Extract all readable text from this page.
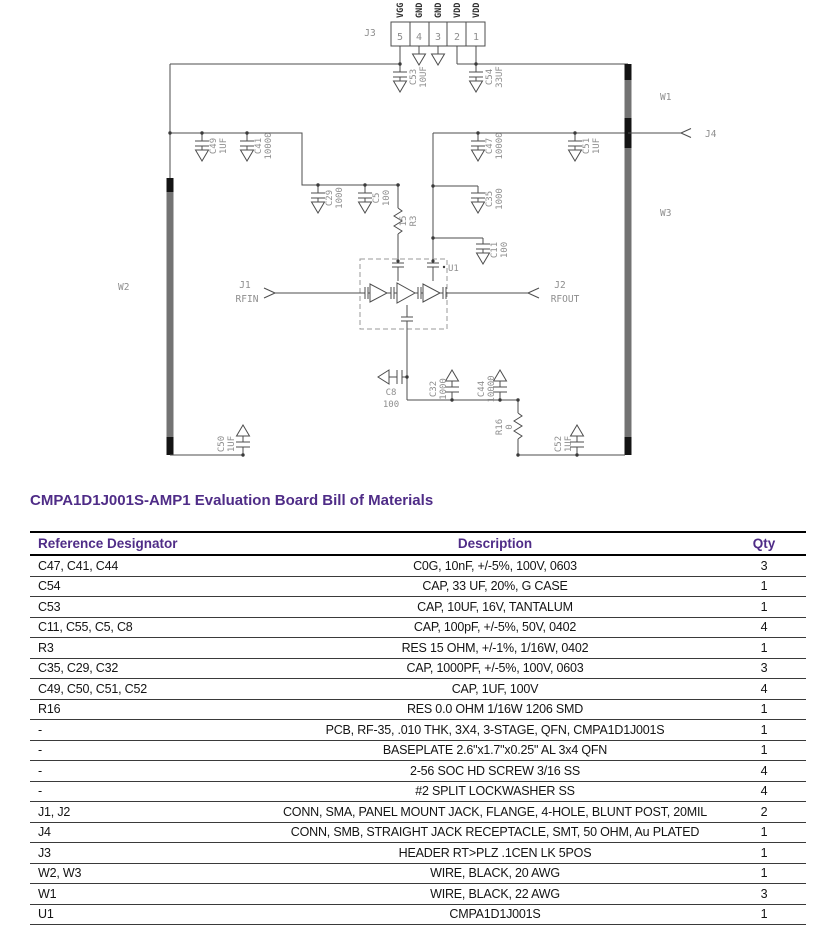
J3 5 4 3 2 1
VGG GND GND VDD VDD
C53 10UF	C54 33UF
C49 1UF	C41 10000
C29 1000	C5 100
15 R3
C47 10000	C51 1UF
C35 1000
C11 100
W1
W3
W2
J4
U1
J1
RFIN
J2
RFOUT
C8
100
C32 1000	C44 10000
R16 0
C52 1UF
C50 1UF
CMPA1D1J001S-AMP1 Evaluation Board Bill of Materials
Reference Designator	Description	Qty
C47, C41, C44	C0G, 10nF, +/-5%, 100V, 0603	3
C54	CAP, 33 UF, 20%, G CASE	1
C53	CAP, 10UF, 16V, TANTALUM	1
C11, C55, C5, C8	CAP, 100pF, +/-5%, 50V, 0402	4
R3	RES 15 OHM, +/-1%, 1/16W, 0402	1
C35, C29, C32	CAP, 1000PF, +/-5%, 100V, 0603	3
C49, C50, C51, C52	CAP, 1UF, 100V	4
R16	RES 0.0 OHM 1/16W 1206 SMD	1
-	PCB, RF-35, .010 THK, 3X4, 3-STAGE, QFN, CMPA1D1J001S	1
-	BASEPLATE 2.6"x1.7"x0.25" AL 3x4 QFN	1
-	2-56 SOC HD SCREW 3/16 SS	4
-	#2 SPLIT LOCKWASHER SS	4
J1, J2	CONN, SMA, PANEL MOUNT JACK, FLANGE, 4-HOLE, BLUNT POST, 20MIL	2
J4	CONN, SMB, STRAIGHT JACK RECEPTACLE, SMT, 50 OHM, Au PLATED	1
J3	HEADER RT>PLZ .1CEN LK 5POS	1
W2, W3	WIRE, BLACK, 20 AWG	1
W1	WIRE, BLACK, 22 AWG	3
U1	CMPA1D1J001S	1
